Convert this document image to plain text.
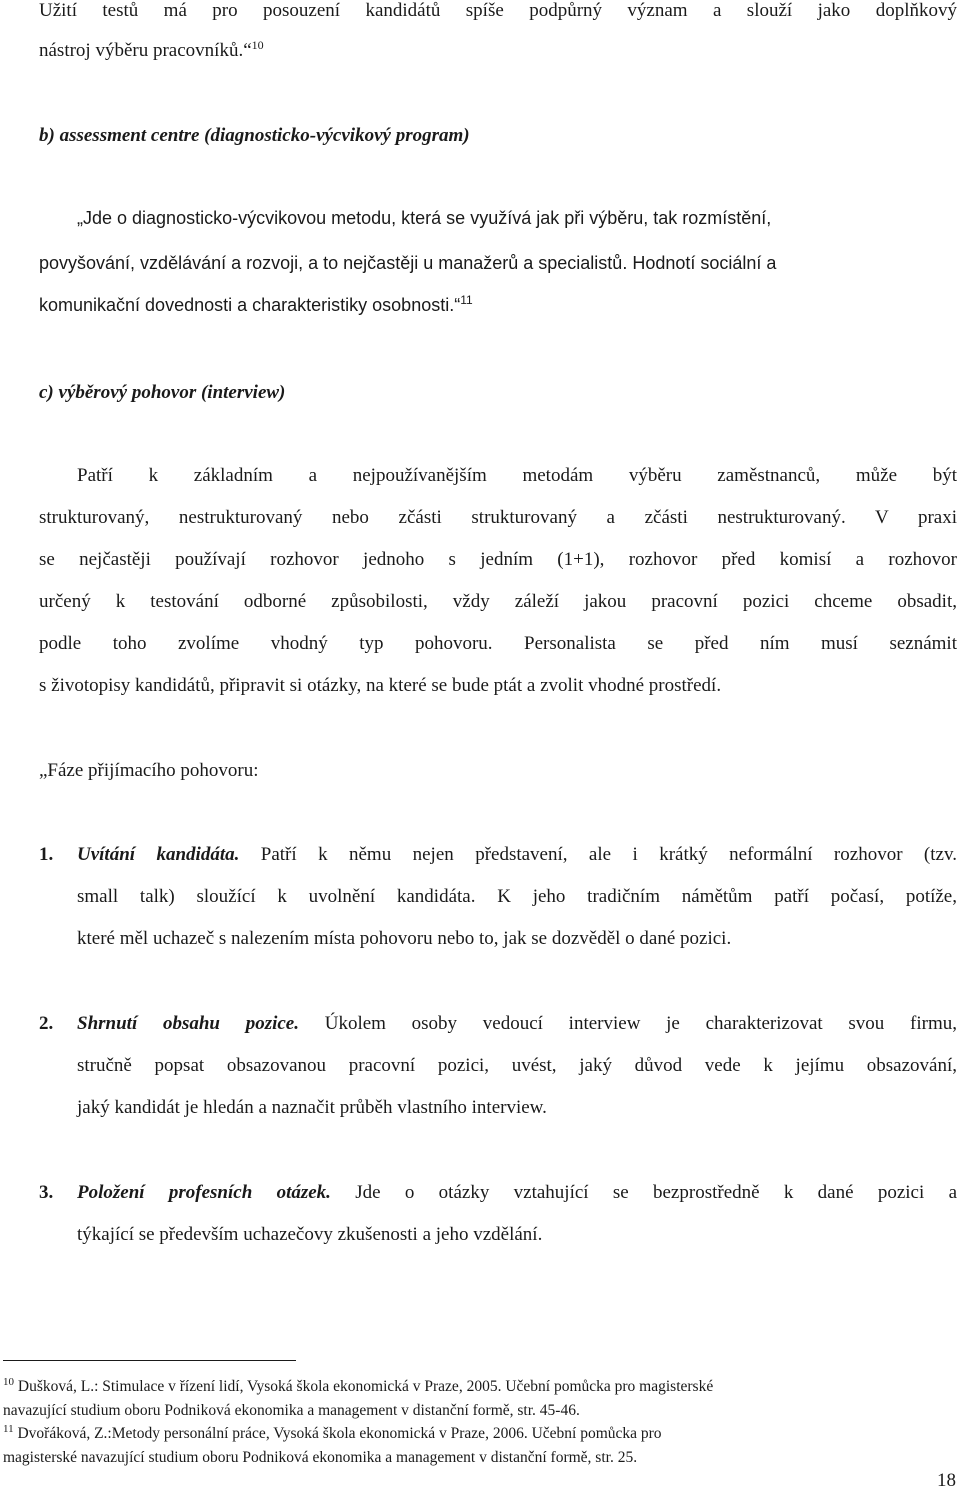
Užití testů má pro posouzení kandidátů spíše podpůrný význam a slouží jako doplňkový
nástroj výběru pracovníků.“$^{10}$
b) assessment centre (diagnosticko-výcvikový program)
„Jde o diagnosticko-výcvikovou metodu, která se využívá jak při výběru, tak rozmístění,
povyšování, vzdělávání a rozvoji, a to nejčastěji u manažerů a specialistů. Hodnotí sociální a
komunikační dovednosti a charakteristiky osobnosti.“$^{11}$
c) výběrový pohovor (interview)
Patří k základním a nejpoužívanějším metodám výběru zaměstnanců, může být
strukturovaný, nestrukturovaný nebo zčásti strukturovaný a zčásti nestrukturovaný. V praxi
se nejčastěji používají rozhovor jednoho s jedním (1+1), rozhovor před komisí a rozhovor
určený k testování odborné způsobilosti, vždy záleží jakou pracovní pozici chceme obsadit,
podle toho zvolíme vhodný typ pohovoru. Personalista se před ním musí seznámit
s životopisy kandidátů, připravit si otázky, na které se bude ptát a zvolit vhodné prostředí.
„Fáze přijímacího pohovoru:
1. Uvítání kandidáta. Patří k němu nejen představení, ale i krátký neformální rozhovor (tzv.
small talk) sloužící k uvolnění kandidáta. K jeho tradičním námětům patří počasí, potíže,
které měl uchazeč s nalezením místa pohovoru nebo to, jak se dozvěděl o dané pozici.
2. Shrnutí obsahu pozice. Úkolem osoby vedoucí interview je charakterizovat svou firmu,
stručně popsat obsazovanou pracovní pozici, uvést, jaký důvod vede k jejímu obsazování,
jaký kandidát je hledán a naznačit průběh vlastního interview.
3. Položení profesních otázek. Jde o otázky vztahující se bezprostředně k dané pozici a
týkající se především uchazečovy zkušenosti a jeho vzdělání.
$^{10}$ Dušková, L.: Stimulace v řízení lidí, Vysoká škola ekonomická v Praze, 2005. Učební pomůcka pro magisterské
navazující studium oboru Podniková ekonomika a management v distanční formě, str. 45-46.
$^{11}$ Dvořáková, Z.:Metody personální práce, Vysoká škola ekonomická v Praze, 2006. Učební pomůcka pro
magisterské navazující studium oboru Podniková ekonomika a management v distanční formě, str. 25.
18
